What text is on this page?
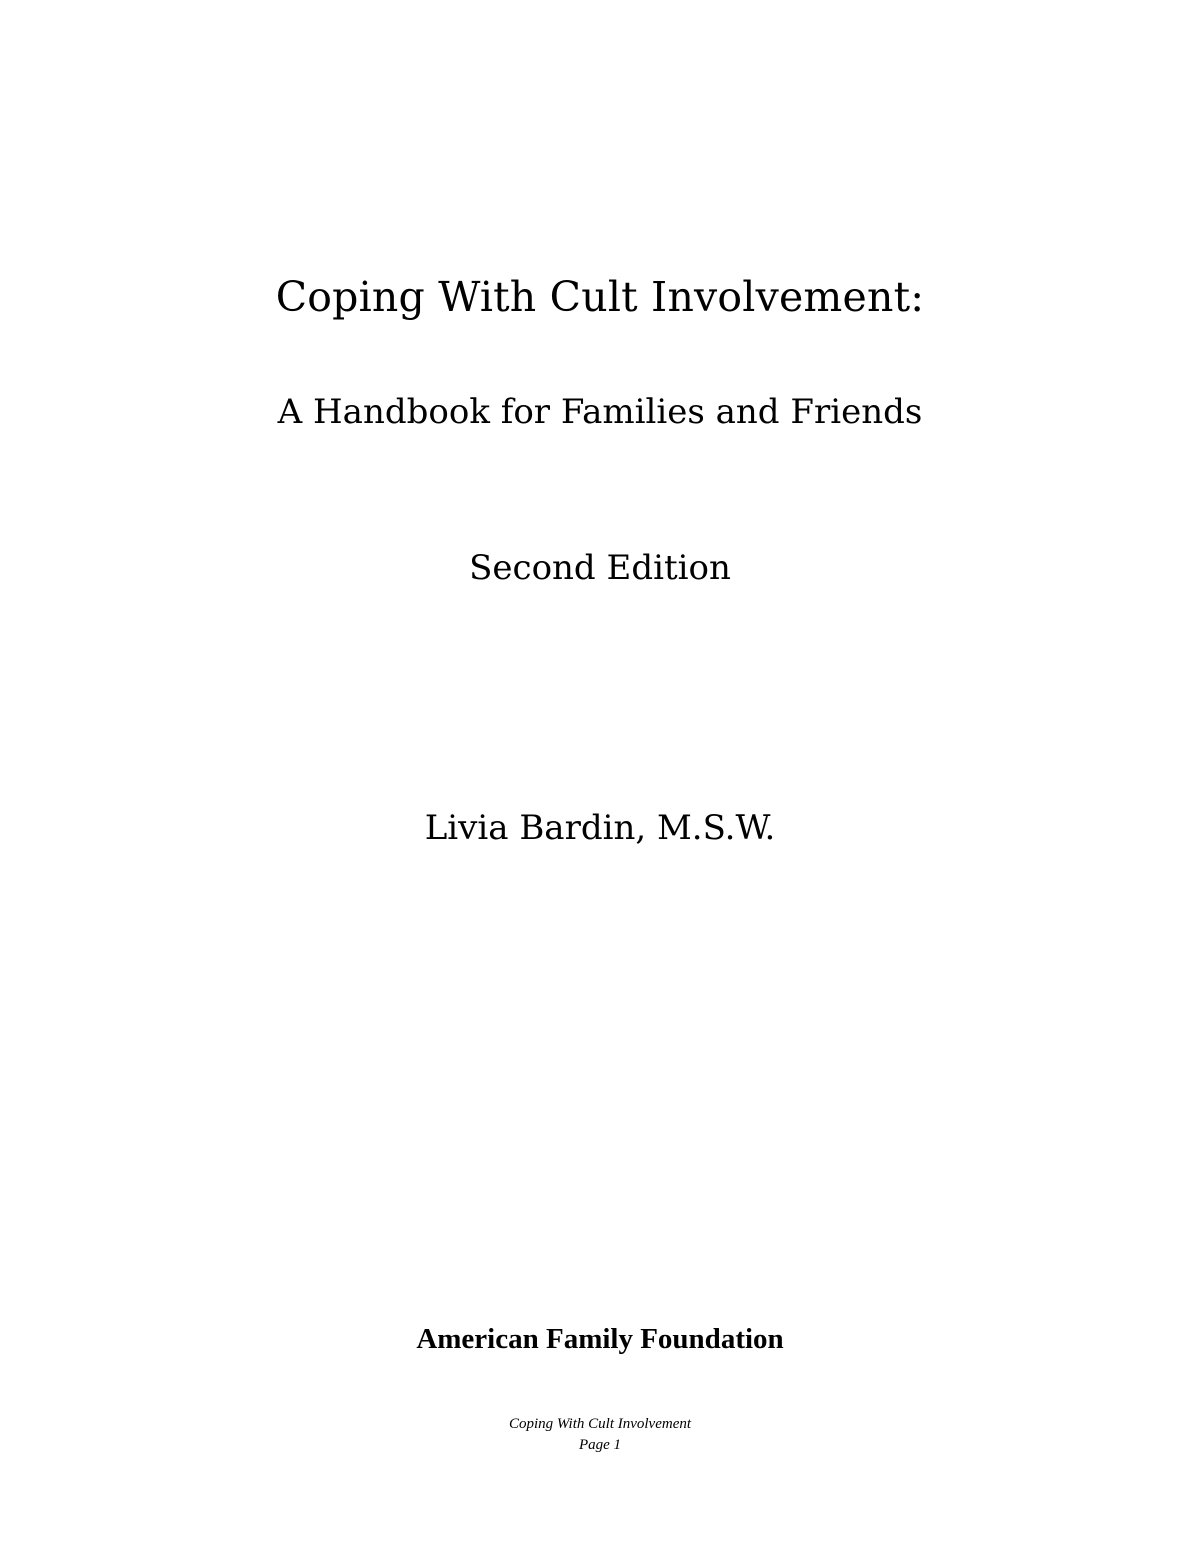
Coping With Cult Involvement:
A Handbook for Families and Friends
Second Edition
Livia Bardin, M.S.W.
American Family Foundation
Coping With Cult Involvement
Page 1
